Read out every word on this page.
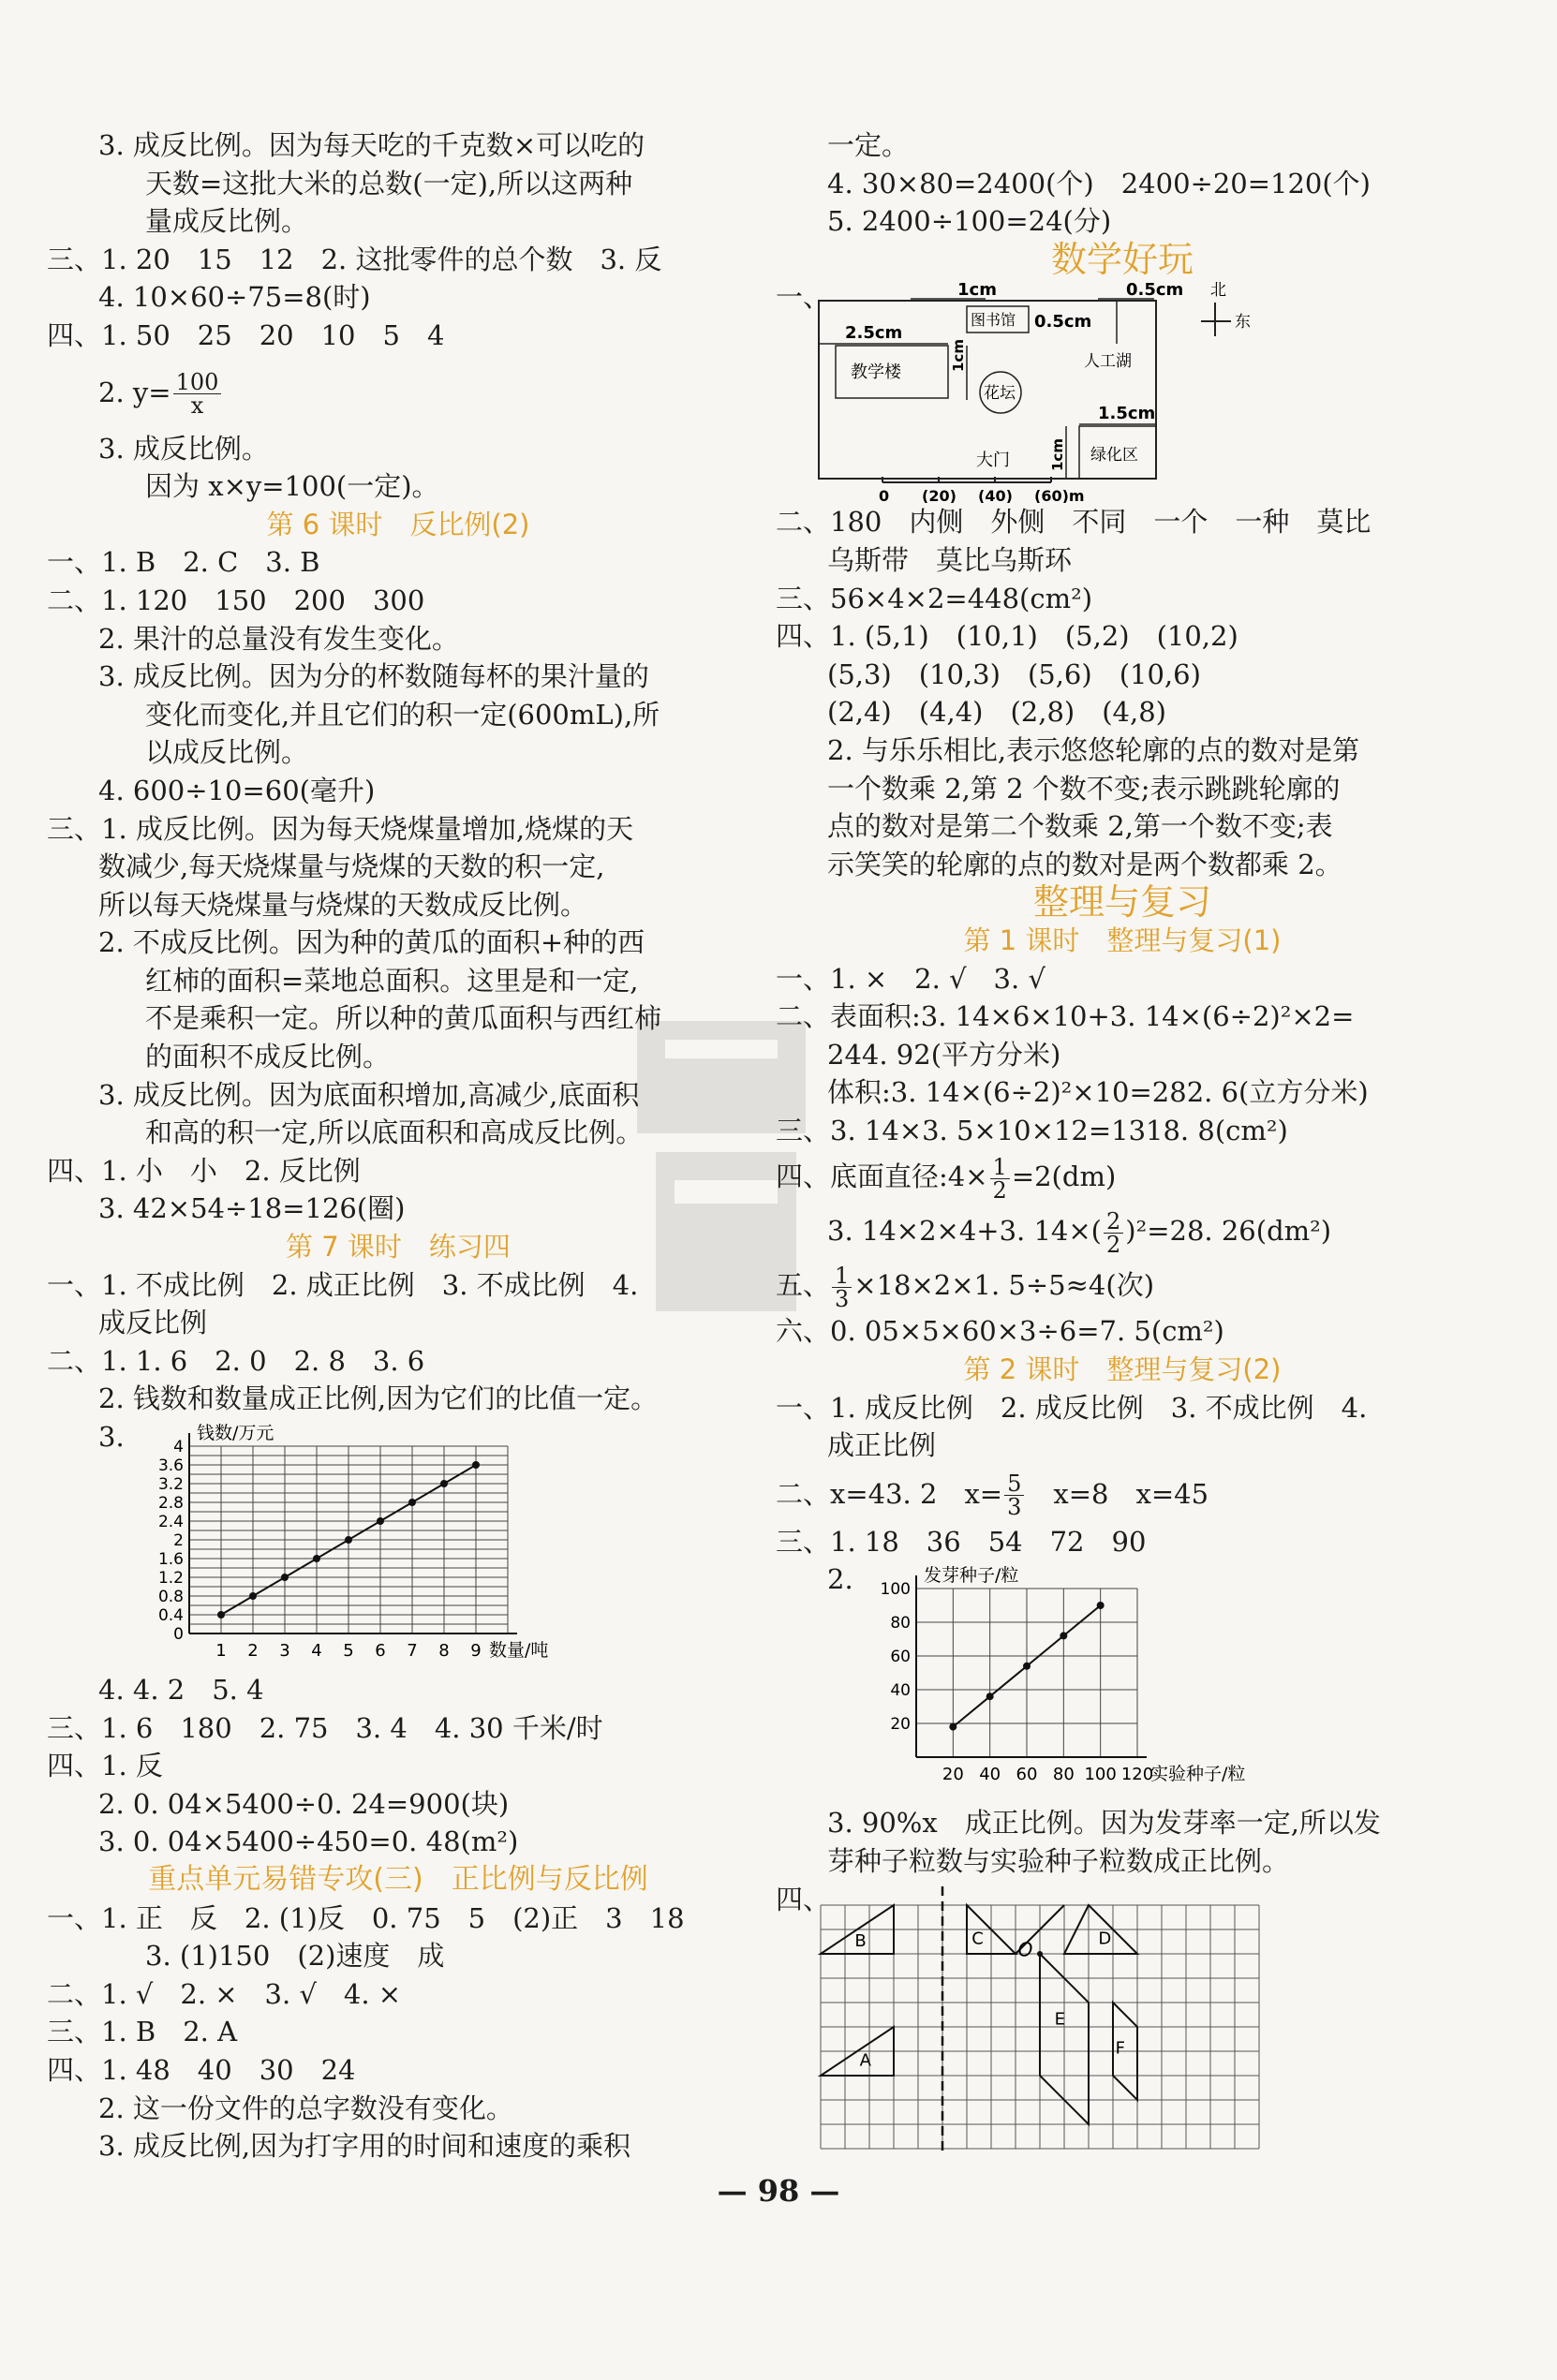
3. 成反比例。因为每天吃的千克数×可以吃的
天数=这批大米的总数(一定),所以这两种
量成反比例。
三、1. 20　15　12　2. 这批零件的总个数　3. 反
4. 10×60÷75=8(时)
四、1. 50　25　20　10　5　4
2. $y= \frac{100}{x}$
3. 成反比例。
因为 x×y=100(一定)。
第 6 课时　反比例(2)
一、1. B　2. C　3. B
二、1. 120　150　200　300
2. 果汁的总量没有发生变化。
3. 成反比例。因为分的杯数随每杯的果汁量的
变化而变化,并且它们的积一定(600mL),所
以成反比例。
4. 600÷10=60(毫升)
三、1. 成反比例。因为每天烧煤量增加,烧煤的天
数减少,每天烧煤量与烧煤的天数的积一定,
所以每天烧煤量与烧煤的天数成反比例。
2. 不成反比例。因为种的黄瓜的面积+种的西
红柿的面积=菜地总面积。这里是和一定,
不是乘积一定。所以种的黄瓜面积与西红柿
的面积不成反比例。
3. 成反比例。因为底面积增加,高减少,底面积
和高的积一定,所以底面积和高成反比例。
四、1. 小　小　2. 反比例
3. 42×54÷18=126(圈)
第 7 课时　练习四
一、1. 不成比例　2. 成正比例　3. 不成比例　4.
成反比例
二、1. 1. 6　2. 0　2. 8　3. 6
2. 钱数和数量成正比例,因为它们的比值一定。
3.	钱数/万元
1 2 3 4 5 6 7 8 9 数量/吨
0.4
0.8
1.2
1.6
2
2.4
2.8
3.2
3.6
4
0
4. 4. 2　5. 4
三、1. 6　180　2. 75　3. 4　4. 30 千米/时
四、1. 反
2. 0. 04×5400÷0. 24=900(块)
3. 0. 04×5400÷450=0. 48(m²)
重点单元易错专攻(三)　正比例与反比例
一、1. 正　反　2. (1)反　0. 75　5　(2)正　3　18
3. (1)150　(2)速度　成
二、1. √　2. ×　3. √　4. ×
三、1. B　2. A
四、1. 48　40　30　24
2. 这一份文件的总字数没有变化。
3. 成反比例,因为打字用的时间和速度的乘积
一定。
4. 30×80=2400(个)　2400÷20=120(个)
5. 2400÷100=24(分)
数学好玩
一、	1cm	0.5cm 北
东
2.5cm
教学楼
图书馆 0.5cm
人工湖
1cm
花坛
1.5cm
绿化区
1cm
大门
0 (20) (40) (60)m
二、180　内侧　外侧　不同　一个　一种　莫比
乌斯带　莫比乌斯环
三、56×4×2=448(cm²)
四、1. (5,1)　(10,1)　(5,2)　(10,2)
(5,3)　(10,3)　(5,6)　(10,6)
(2,4)　(4,4)　(2,8)　(4,8)
2. 与乐乐相比,表示悠悠轮廓的点的数对是第
一个数乘 2,第 2 个数不变;表示跳跳轮廓的
点的数对是第二个数乘 2,第一个数不变;表
示笑笑的轮廓的点的数对是两个数都乘 2。
整理与复习
第 1 课时　整理与复习(1)
一、1. ×　2. √　3. √
二、表面积:3. 14×6×10+3. 14×(6÷2)²×2=
244. 92(平方分米)
体积:3. 14×(6÷2)²×10=282. 6(立方分米)
三、3. 14×3. 5×10×12=1318. 8(cm²)
四、底面直径:4× $\frac{1}{2} =2(dm)$
3. 14×2×4+3. $14\times( \frac{2}{2} )^2=28$. 26(dm²)
五、 $\frac{1}{3} \times 18\times 2\times 1$. 5÷5≈4(次)
六、0. 05×5×60×3÷6=7. 5(cm²)
第 2 课时　整理与复习(2)
一、1. 成反比例　2. 成反比例　3. 不成比例　4.
成正比例
二、x=43. 2　$x= \frac{5}{3}$ 　x=8　x=45
三、1. 18　36　54　72　90
2.	发芽种子/粒
20 40 60 80 100 120
实验种子/粒
20
40
60
80
100
3. 90%x　成正比例。因为发芽率一定,所以发
芽种子粒数与实验种子粒数成正比例。
四、
B	C	D
E
A
F
O
— 98 —
